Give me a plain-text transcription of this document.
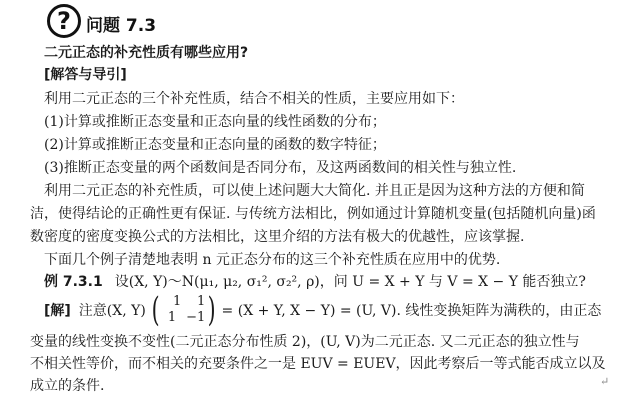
? 问题 7.3
二元正态的补充性质有哪些应用?
[解答与导引]
利用二元正态的三个补充性质，结合不相关的性质，主要应用如下：
(1)计算或推断正态变量和正态向量的线性函数的分布；
(2)计算或推断正态变量和正态向量的函数的数字特征；
(3)推断正态变量的两个函数间是否同分布，及这两函数间的相关性与独立性.
利用二元正态的补充性质，可以使上述问题大大简化. 并且正是因为这种方法的方便和简
洁，使得结论的正确性更有保证. 与传统方法相比，例如通过计算随机变量(包括随机向量)函
数密度的密度变换公式的方法相比，这里介绍的方法有极大的优越性，应该掌握.
下面几个例子清楚地表明 n 元正态分布的这三个补充性质在应用中的优势.
例 7.3.1 设(X, Y)～N(μ₁, μ₂, σ₁², σ₂², ρ)，问 U = X + Y 与 V = X − Y 能否独立?
[解] 注意(X, Y) (	1	1
1 −1 ) = (X + Y, X − Y) = (U, V). 线性变换矩阵为满秩的，由正态
变量的线性变换不变性(二元正态分布性质 2)，(U, V)为二元正态. 又二元正态的独立性与
不相关性等价，而不相关的充要条件之一是 EUV = EUEV，因此考察后一等式能否成立以及
成立的条件.	↵
